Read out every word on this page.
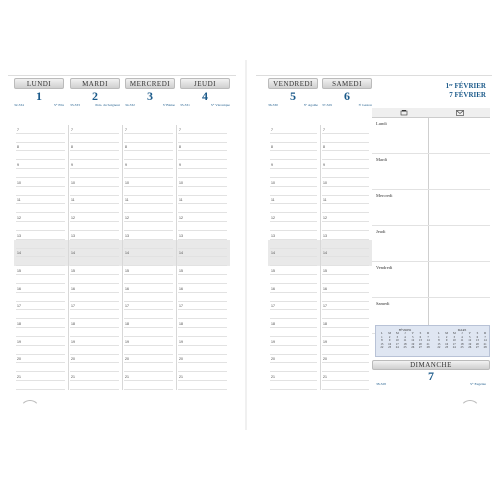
LUNDI
1
32-334	Sᵗᵉ Ella
MARDI
2
33-333	Prés. du Seigneur
MERCREDI
3
34-332	Sᵗ Blaise
JEUDI
4
35-331	Sᵗᵉ Véronique
VENDREDI
5
36-330	Sᵗᵉ Agathe
SAMEDI
6
37-329	Sᵗ Gaston
7	7	7	7
8	8	8	8
9	9	9	9
10	10	10	10
11	11	11	11
12	12	12	12
13	13	13	13
14	14	14	14
15	15	15	15
16	16	16	16
17	17	17	17
18	18	18	18
19	19	19	19
20	20	20	20
21	21	21	21
7	7
8	8
9	9
10	10
11	11
12	12
13	13
14	14
15	15
16	16
17	17
18	18
19	19
20	20
21	21
1ᵉʳ FÉVRIER
7 FÉVRIER
Lundi
Mardi
Mercredi
Jeudi
Vendredi
Samedi
FÉVRIER
L	M	M	J	V	S	D
1	2	3	4	5	6	7
8	9	10	11	12	13	14
15	16	17	18	19	20	21
22	23	24	25	26	27	28
MARS
L	M	M	J	V	S	D
1	2	3	4	5	6	7
8	9	10	11	12	13	14
15	16	17	18	19	20	21
22	23	24	25	26	27	28
DIMANCHE
7
38-328	Sᵗᵉ Eugénie
